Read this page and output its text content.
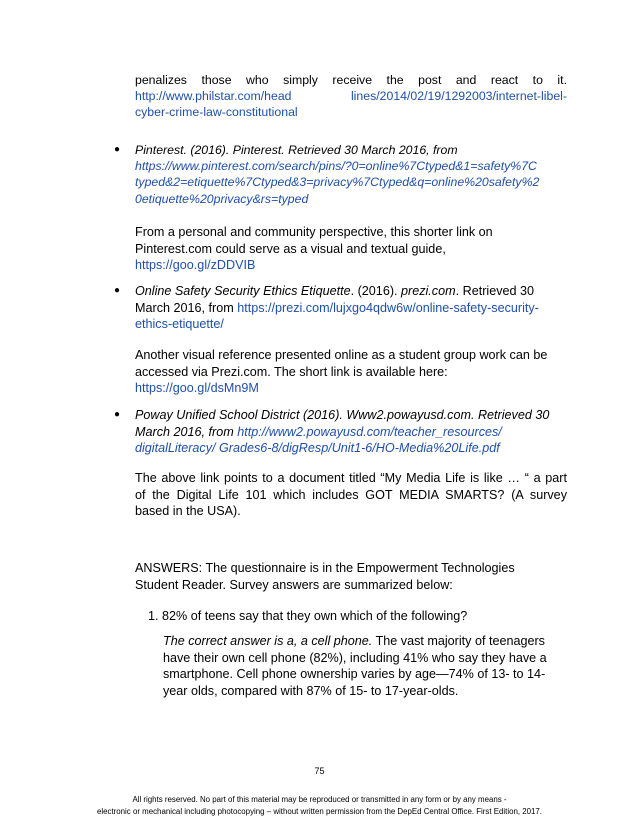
penalizes those who simply receive the post and react to it.
http://www.philstar.com/head	lines/2014/02/19/1292003/internet-libel-
cyber-crime-law-constitutional
● Pinterest. (2016). Pinterest. Retrieved 30 March 2016, from
https://www.pinterest.com/search/pins/?0=online%7Ctyped&1=safety%7C
typed&2=etiquette%7Ctyped&3=privacy%7Ctyped&q=online%20safety%2
0etiquette%20privacy&rs=typed
From a personal and community perspective, this shorter link on
Pinterest.com could serve as a visual and textual guide,
https://goo.gl/zDDVIB
● Online Safety Security Ethics Etiquette. (2016). prezi.com. Retrieved 30
March 2016, from https://prezi.com/lujxgo4qdw6w/online-safety-security-
ethics-etiquette/
Another visual reference presented online as a student group work can be
accessed via Prezi.com. The short link is available here:
https://goo.gl/dsMn9M
● Poway Unified School District (2016). Www2.powayusd.com. Retrieved 30
March 2016, from http://www2.powayusd.com/teacher_resources/
digitalLiteracy/ Grades6-8/digResp/Unit1-6/HO-Media%20Life.pdf
The above link points to a document titled “My Media Life is like … “ a part
of the Digital Life 101 which includes GOT MEDIA SMARTS? (A survey
based in the USA).
ANSWERS: The questionnaire is in the Empowerment Technologies
Student Reader. Survey answers are summarized below:
1. 82% of teens say that they own which of the following?
The correct answer is a, a cell phone. The vast majority of teenagers
have their own cell phone (82%), including 41% who say they have a
smartphone. Cell phone ownership varies by age—74% of 13- to 14-
year olds, compared with 87% of 15- to 17-year-olds.
75
All rights reserved. No part of this material may be reproduced or transmitted in any form or by any means -
electronic or mechanical including photocopying – without written permission from the DepEd Central Office. First Edition, 2017.
